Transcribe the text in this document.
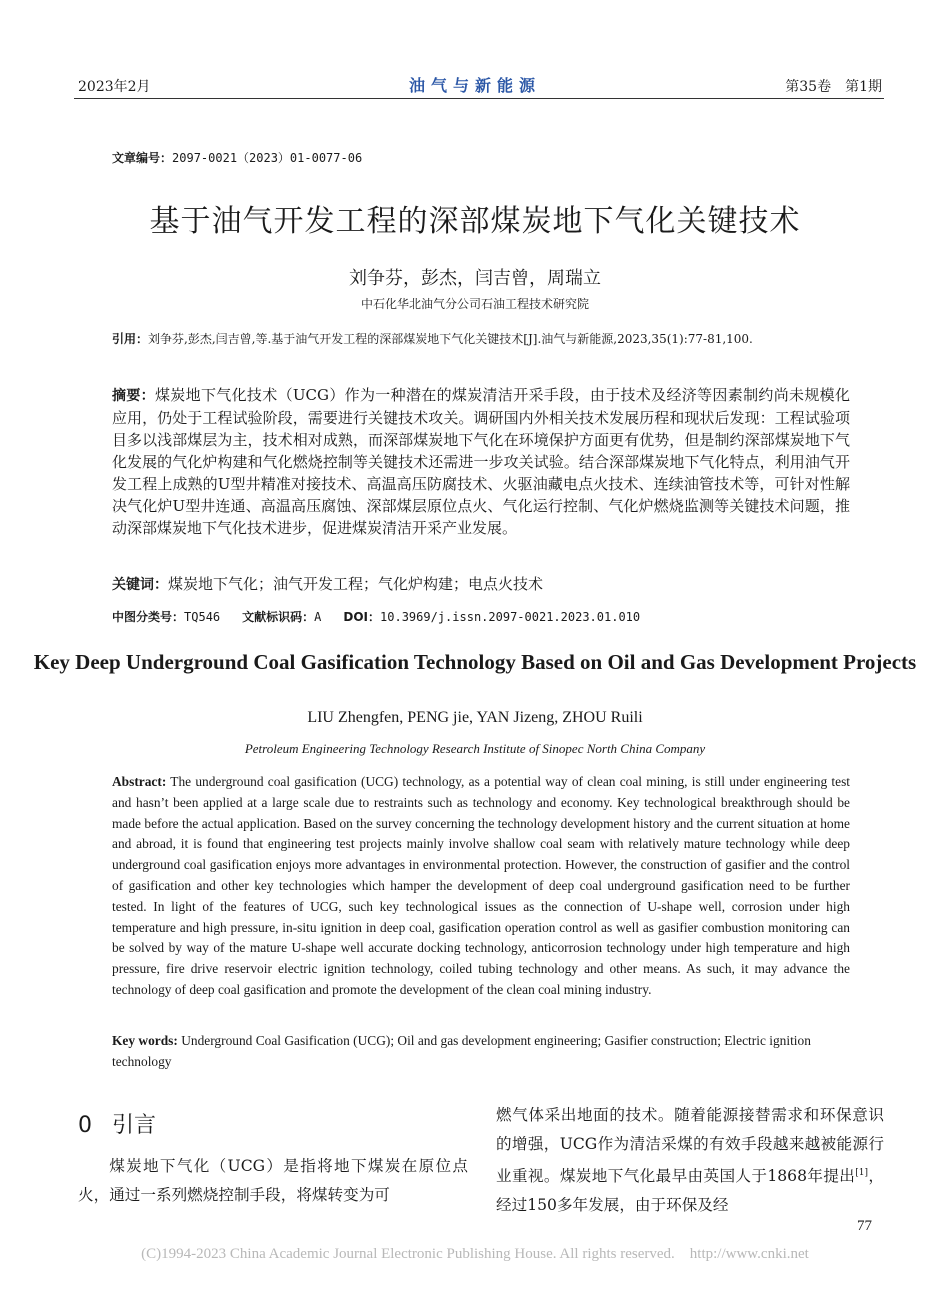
2023年2月	油气与新能源	第35卷　第1期
文章编号：2097-0021（2023）01-0077-06
基于油气开发工程的深部煤炭地下气化关键技术
刘争芬，彭杰，闫吉曾，周瑞立
中石化华北油气分公司石油工程技术研究院
引用：刘争芬,彭杰,闫吉曾,等.基于油气开发工程的深部煤炭地下气化关键技术[J].油气与新能源,2023,35(1):77-81,100.
摘要：煤炭地下气化技术（UCG）作为一种潜在的煤炭清洁开采手段，由于技术及经济等因素制约尚未规模化应用，仍处于工程试验阶段，需要进行关键技术攻关。调研国内外相关技术发展历程和现状后发现：工程试验项目多以浅部煤层为主，技术相对成熟，而深部煤炭地下气化在环境保护方面更有优势，但是制约深部煤炭地下气化发展的气化炉构建和气化燃烧控制等关键技术还需进一步攻关试验。结合深部煤炭地下气化特点，利用油气开发工程上成熟的U型井精准对接技术、高温高压防腐技术、火驱油藏电点火技术、连续油管技术等，可针对性解决气化炉U型井连通、高温高压腐蚀、深部煤层原位点火、气化运行控制、气化炉燃烧监测等关键技术问题，推动深部煤炭地下气化技术进步，促进煤炭清洁开采产业发展。
关键词：煤炭地下气化；油气开发工程；气化炉构建；电点火技术
中图分类号：TQ546 文献标识码：A DOI：10.3969/j.issn.2097-0021.2023.01.010
Key Deep Underground Coal Gasification Technology Based on Oil and Gas Development Projects
LIU Zhengfen, PENG jie, YAN Jizeng, ZHOU Ruili
Petroleum Engineering Technology Research Institute of Sinopec North China Company
Abstract: The underground coal gasification (UCG) technology, as a potential way of clean coal mining, is still under engineering test and hasn’t been applied at a large scale due to restraints such as technology and economy. Key technological breakthrough should be made before the actual application. Based on the survey concerning the technology development history and the current situation at home and abroad, it is found that engineering test projects mainly involve shallow coal seam with relatively mature technology while deep underground coal gasification enjoys more advantages in environmental protection. However, the construction of gasifier and the control of gasification and other key technologies which hamper the development of deep coal underground gasification need to be further tested. In light of the features of UCG, such key technological issues as the connection of U-shape well, corrosion under high temperature and high pressure, in-situ ignition in deep coal, gasification operation control as well as gasifier combustion monitoring can be solved by way of the mature U-shape well accurate docking technology, anticorrosion technology under high temperature and high pressure, fire drive reservoir electric ignition technology, coiled tubing technology and other means. As such, it may advance the technology of deep coal gasification and promote the development of the clean coal mining industry.
Key words: Underground Coal Gasification (UCG); Oil and gas development engineering; Gasifier construction; Electric ignition technology
0 引言
煤炭地下气化（UCG）是指将地下煤炭在原位点火，通过一系列燃烧控制手段，将煤转变为可
燃气体采出地面的技术。随着能源接替需求和环保意识的增强，UCG作为清洁采煤的有效手段越来越被能源行业重视。煤炭地下气化最早由英国人于1868年提出[1]，经过150多年发展，由于环保及经
77
(C)1994-2023 China Academic Journal Electronic Publishing House. All rights reserved.　http://www.cnki.net
